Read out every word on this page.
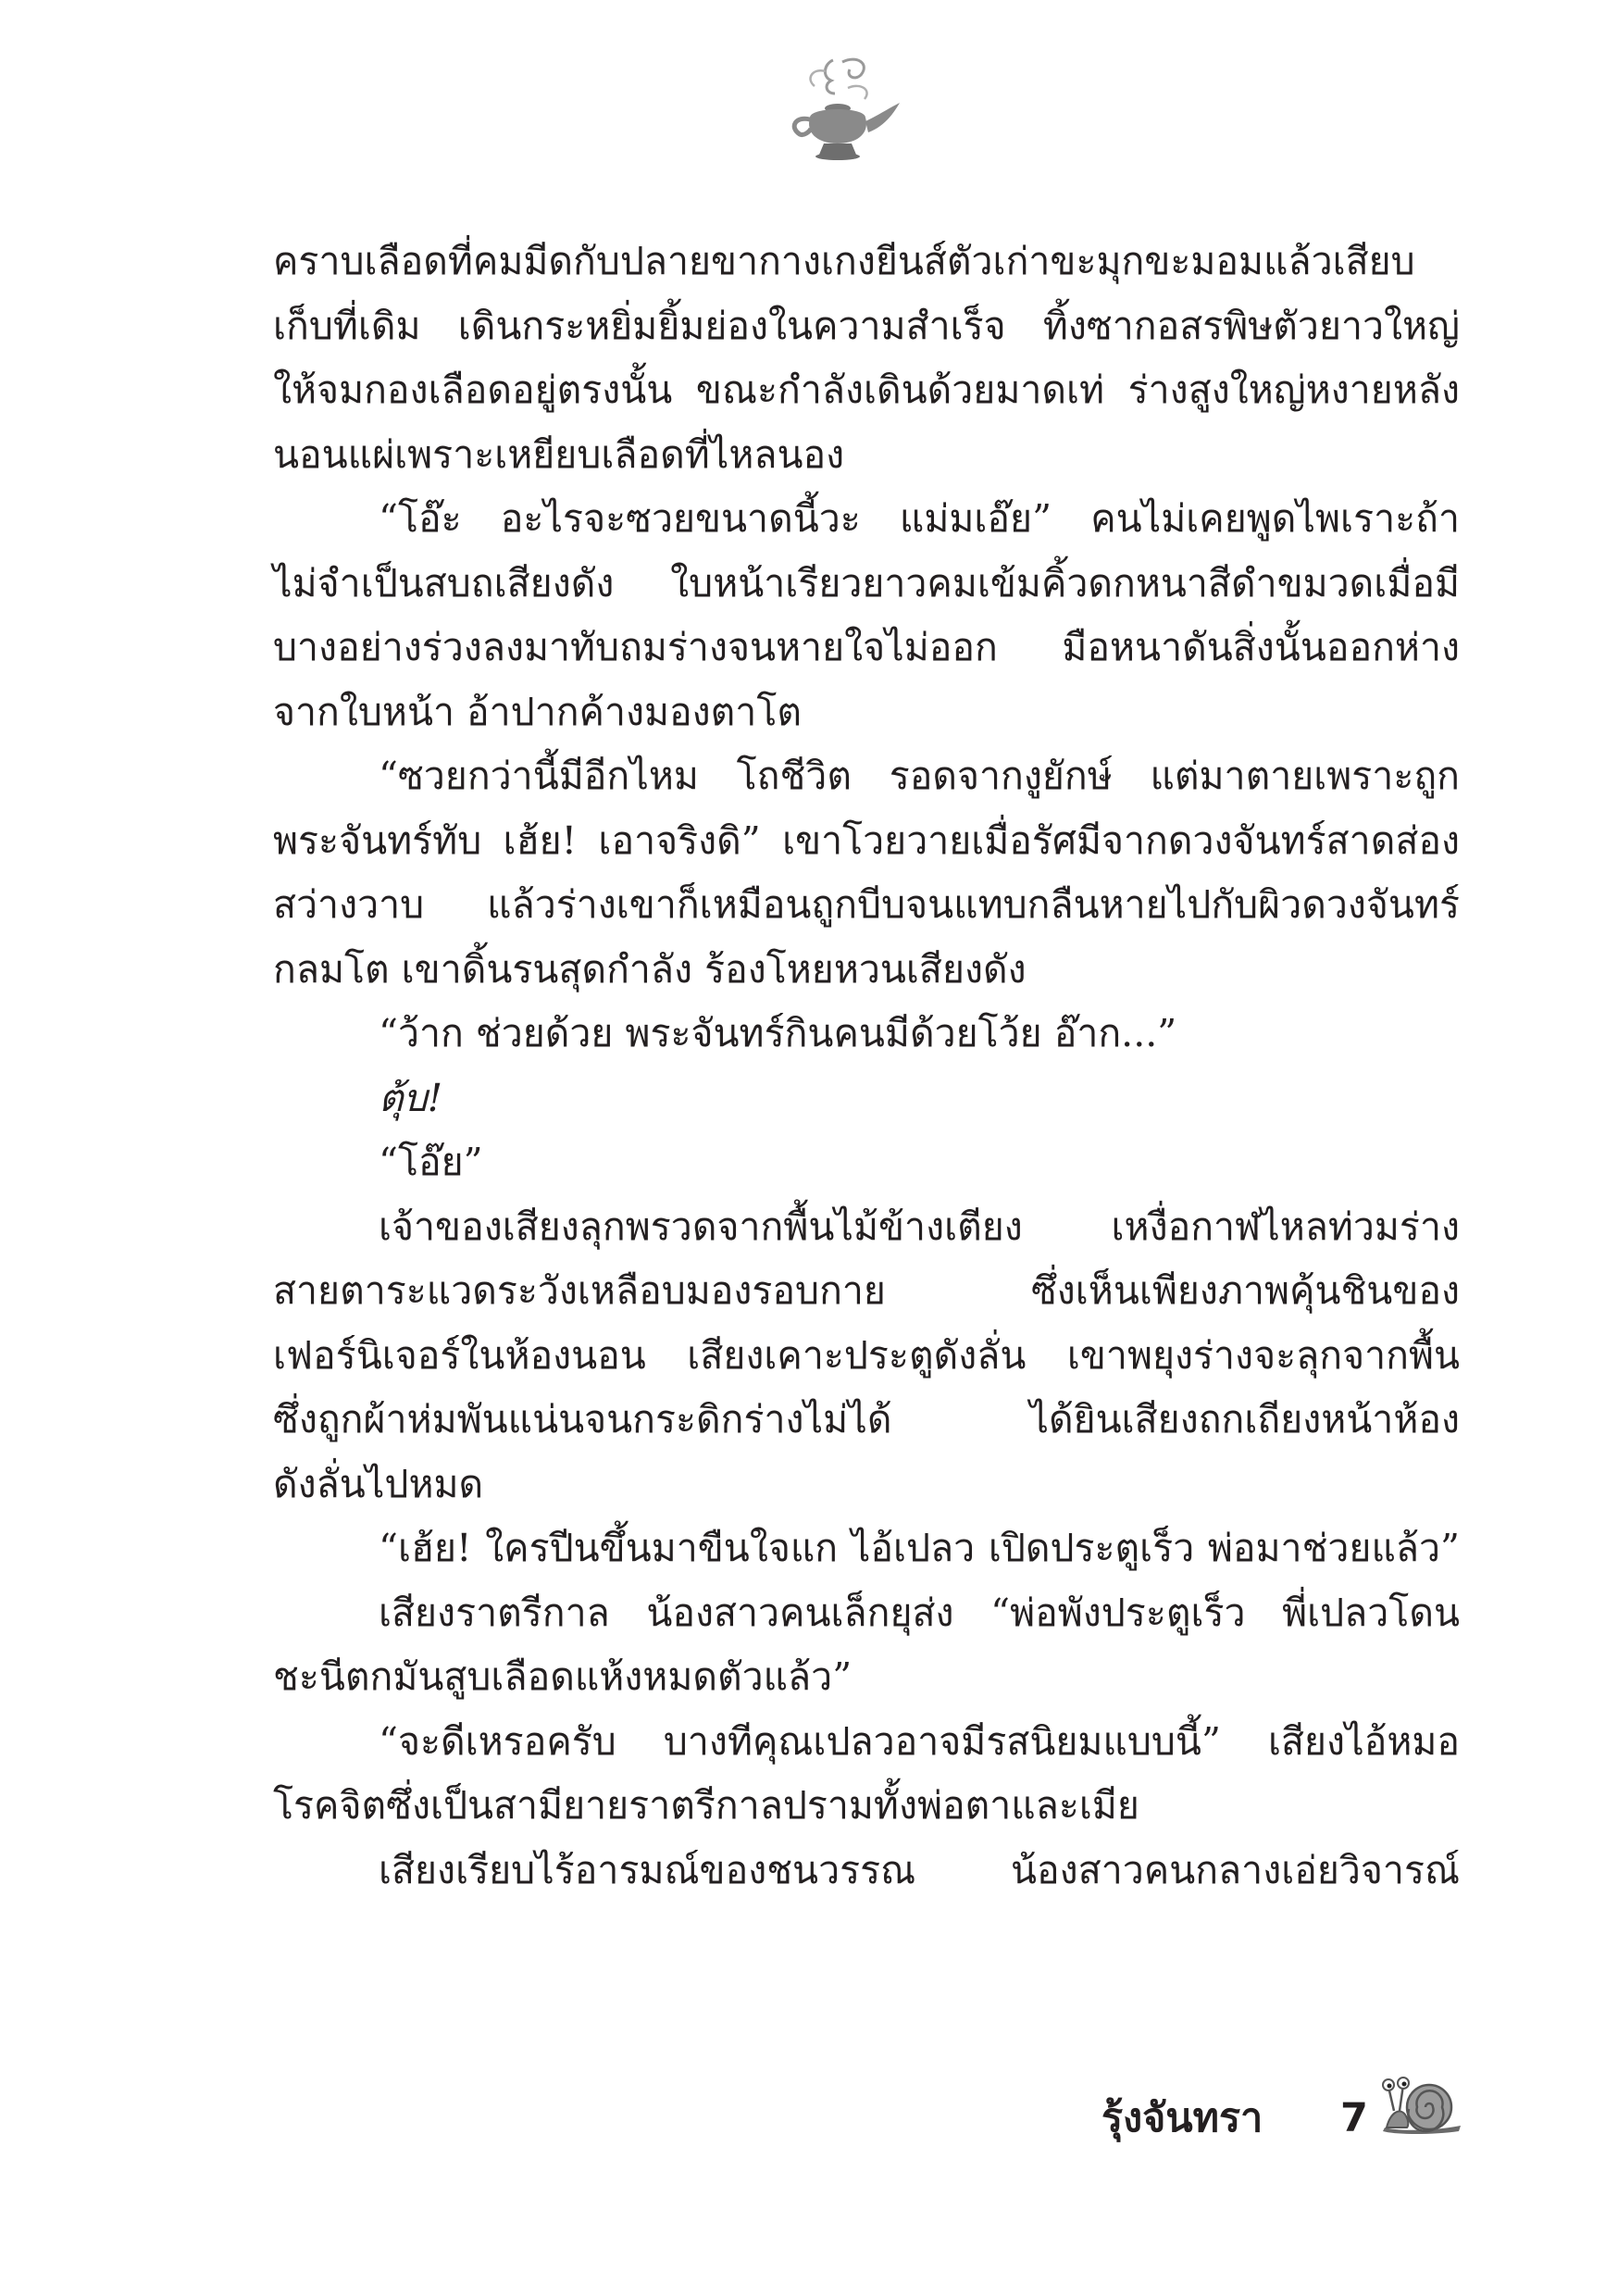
คราบเลือดที่คมมีดกับปลายขากางเกงยีนส์ตัวเก่าขะมุกขะมอมแล้วเสียบ
เก็บที่เดิม เดินกระหยิ่มยิ้มย่องในความสำเร็จ ทิ้งซากอสรพิษตัวยาวใหญ่
ให้จมกองเลือดอยู่ตรงนั้น ขณะกำลังเดินด้วยมาดเท่ ร่างสูงใหญ่หงายหลัง
นอนแผ่เพราะเหยียบเลือดที่ไหลนอง
“โอ๊ะ อะไรจะซวยขนาดนี้วะ แม่มเอ๊ย” คนไม่เคยพูดไพเราะถ้า
ไม่จำเป็นสบถเสียงดัง ใบหน้าเรียวยาวคมเข้มคิ้วดกหนาสีดำขมวดเมื่อมี
บางอย่างร่วงลงมาทับถมร่างจนหายใจไม่ออก มือหนาดันสิ่งนั้นออกห่าง
จากใบหน้า อ้าปากค้างมองตาโต
“ซวยกว่านี้มีอีกไหม โถชีวิต รอดจากงูยักษ์ แต่มาตายเพราะถูก
พระจันทร์ทับ เฮ้ย! เอาจริงดิ” เขาโวยวายเมื่อรัศมีจากดวงจันทร์สาดส่อง
สว่างวาบ แล้วร่างเขาก็เหมือนถูกบีบจนแทบกลืนหายไปกับผิวดวงจันทร์
กลมโต เขาดิ้นรนสุดกำลัง ร้องโหยหวนเสียงดัง
“ว้าก ช่วยด้วย พระจันทร์กินคนมีด้วยโว้ย อ๊าก...”
ตุ้บ!
“โอ๊ย”
เจ้าของเสียงลุกพรวดจากพื้นไม้ข้างเตียง เหงื่อกาฬไหลท่วมร่าง
สายตาระแวดระวังเหลือบมองรอบกาย ซึ่งเห็นเพียงภาพคุ้นชินของ
เฟอร์นิเจอร์ในห้องนอน เสียงเคาะประตูดังลั่น เขาพยุงร่างจะลุกจากพื้น
ซึ่งถูกผ้าห่มพันแน่นจนกระดิกร่างไม่ได้ ได้ยินเสียงถกเถียงหน้าห้อง
ดังลั่นไปหมด
“เฮ้ย! ใครปีนขึ้นมาขืนใจแก ไอ้เปลว เปิดประตูเร็ว พ่อมาช่วยแล้ว”
เสียงราตรีกาล น้องสาวคนเล็กยุส่ง “พ่อพังประตูเร็ว พี่เปลวโดน
ชะนีตกมันสูบเลือดแห้งหมดตัวแล้ว”
“จะดีเหรอครับ บางทีคุณเปลวอาจมีรสนิยมแบบนี้” เสียงไอ้หมอ
โรคจิตซึ่งเป็นสามียายราตรีกาลปรามทั้งพ่อตาและเมีย
เสียงเรียบไร้อารมณ์ของชนวรรณ น้องสาวคนกลางเอ่ยวิจารณ์
รุ้งจันทรา 7
